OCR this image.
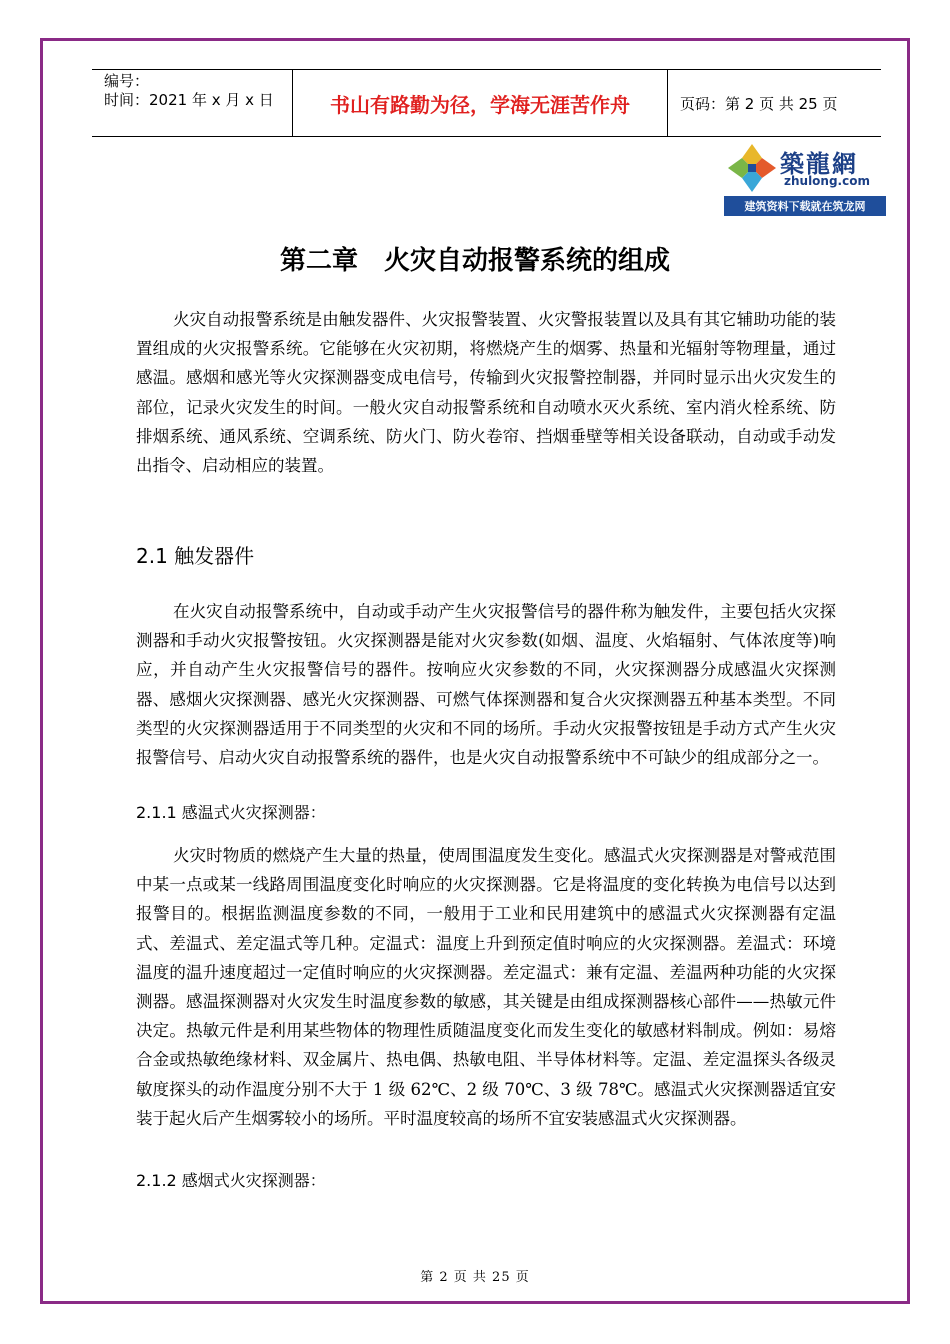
编号：
时间：2021 年 x 月 x 日	书山有路勤为径，学海无涯苦作舟	页码：第 2 页 共 25 页
築龍網
zhulong.com
建筑资料下载就在筑龙网
第二章　火灾自动报警系统的组成

火灾自动报警系统是由触发器件、火灾报警装置、火灾警报装置以及具有其它辅助功能的装置组成的火灾报警系统。它能够在火灾初期，将燃烧产生的烟雾、热量和光辐射等物理量，通过感温。感烟和感光等火灾探测器变成电信号，传输到火灾报警控制器，并同时显示出火灾发生的部位，记录火灾发生的时间。一般火灾自动报警系统和自动喷水灭火系统、室内消火栓系统、防排烟系统、通风系统、空调系统、防火门、防火卷帘、挡烟垂壁等相关设备联动，自动或手动发出指令、启动相应的装置。

2.1 触发器件

在火灾自动报警系统中，自动或手动产生火灾报警信号的器件称为触发件，主要包括火灾探测器和手动火灾报警按钮。火灾探测器是能对火灾参数(如烟、温度、火焰辐射、气体浓度等)响应，并自动产生火灾报警信号的器件。按响应火灾参数的不同，火灾探测器分成感温火灾探测器、感烟火灾探测器、感光火灾探测器、可燃气体探测器和复合火灾探测器五种基本类型。不同类型的火灾探测器适用于不同类型的火灾和不同的场所。手动火灾报警按钮是手动方式产生火灾报警信号、启动火灾自动报警系统的器件，也是火灾自动报警系统中不可缺少的组成部分之一。

2.1.1 感温式火灾探测器：

火灾时物质的燃烧产生大量的热量，使周围温度发生变化。感温式火灾探测器是对警戒范围中某一点或某一线路周围温度变化时响应的火灾探测器。它是将温度的变化转换为电信号以达到报警目的。根据监测温度参数的不同，一般用于工业和民用建筑中的感温式火灾探测器有定温式、差温式、差定温式等几种。定温式：温度上升到预定值时响应的火灾探测器。差温式：环境温度的温升速度超过一定值时响应的火灾探测器。差定温式：兼有定温、差温两种功能的火灾探测器。感温探测器对火灾发生时温度参数的敏感，其关键是由组成探测器核心部件——热敏元件决定。热敏元件是利用某些物体的物理性质随温度变化而发生变化的敏感材料制成。例如：易熔合金或热敏绝缘材料、双金属片、热电偶、热敏电阻、半导体材料等。定温、差定温探头各级灵敏度探头的动作温度分别不大于 1 级 62℃、2 级 70℃、3 级 78℃。感温式火灾探测器适宜安装于起火后产生烟雾较小的场所。平时温度较高的场所不宜安装感温式火灾探测器。

2.1.2 感烟式火灾探测器：
第 2 页 共 25 页
